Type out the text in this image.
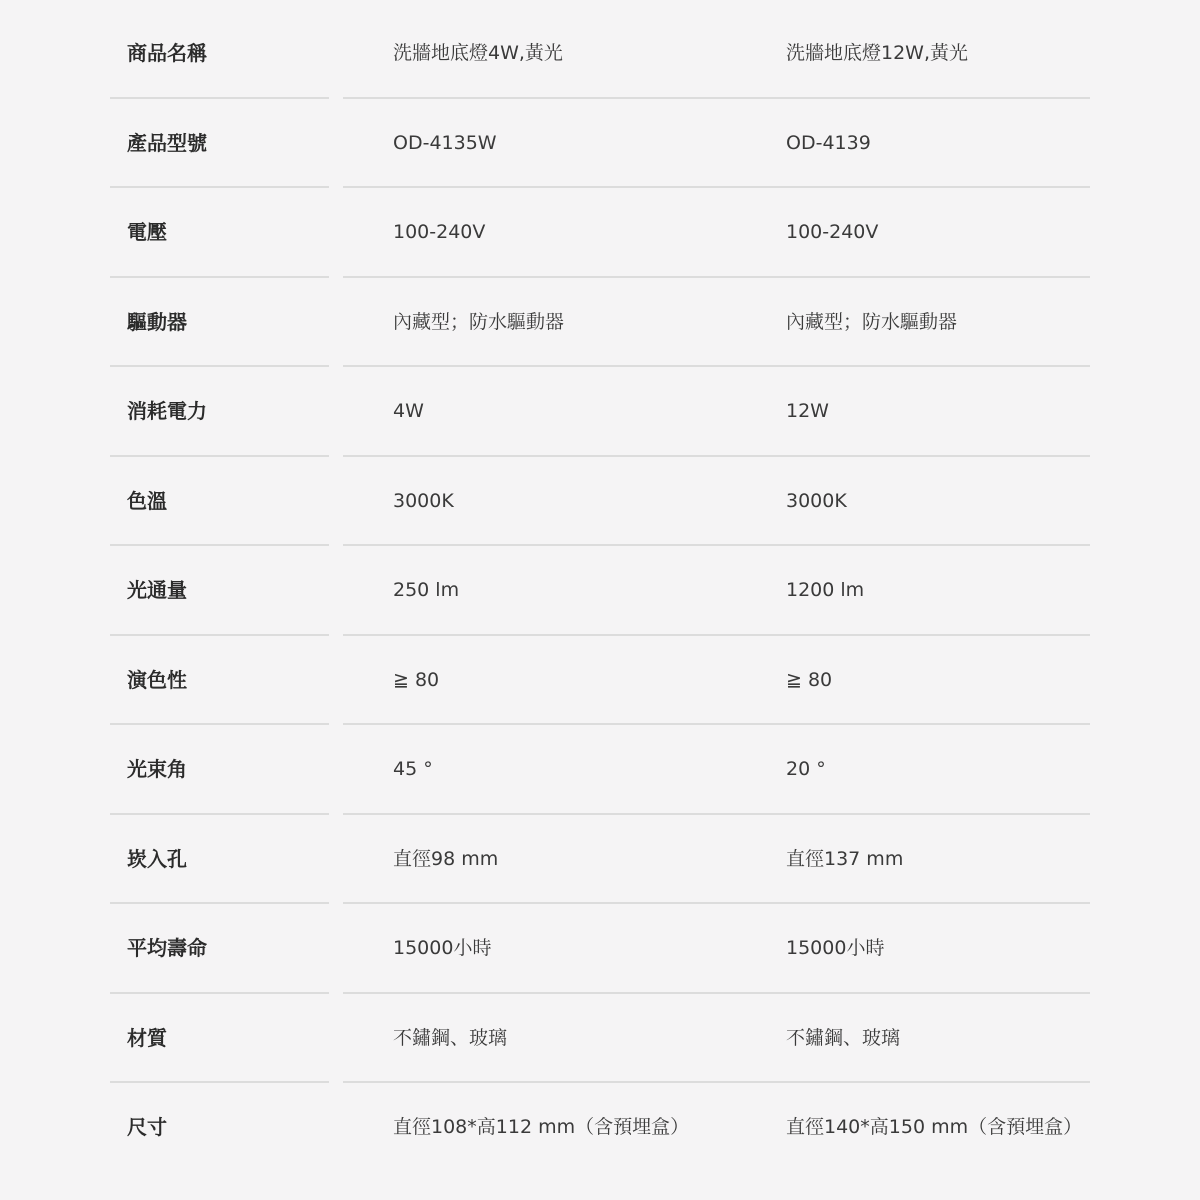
商品名稱	洗牆地底燈4W,黃光	洗牆地底燈12W,黃光
產品型號	OD-4135W	OD-4139
電壓	100-240V	100-240V
驅動器	內藏型；防水驅動器	內藏型；防水驅動器
消耗電力	4W	12W
色溫	3000K	3000K
光通量	250 lm	1200 lm
演色性	≧ 80	≧ 80
光束角	45 °	20 °
崁入孔	直徑98 mm	直徑137 mm
平均壽命	15000小時	15000小時
材質	不鏽鋼、玻璃	不鏽鋼、玻璃
尺寸	直徑108*高112 mm（含預埋盒）	直徑140*高150 mm（含預埋盒）
